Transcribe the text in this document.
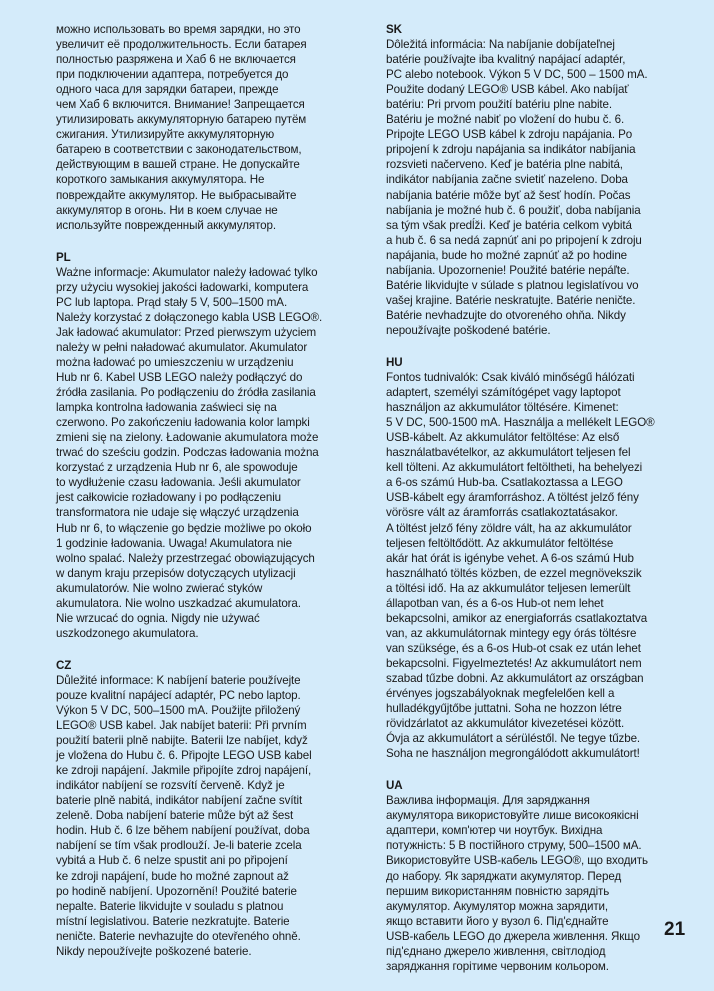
можно использовать во время зарядки, но это
увеличит её продолжительность. Если батарея
полностью разряжена и Хаб 6 не включается
при подключении адаптера, потребуется до
одного часа для зарядки батареи, прежде
чем Хаб 6 включится. Внимание! Запрещается
утилизировать аккумуляторную батарею путём
сжигания. Утилизируйте аккумуляторную
батарею в соответствии с законодательством,
действующим в вашей стране. Не допускайте
короткого замыкания аккумулятора. Не
повреждайте аккумулятор. Не выбрасывайте
аккумулятор в огонь. Ни в коем случае не
используйте поврежденный аккумулятор.
PL
Ważne informacje: Akumulator należy ładować tylko
przy użyciu wysokiej jakości ładowarki, komputera
PC lub laptopa. Prąd stały 5 V, 500–1500 mA.
Należy korzystać z dołączonego kabla USB LEGO®.
Jak ładować akumulator: Przed pierwszym użyciem
należy w pełni naładować akumulator. Akumulator
można ładować po umieszczeniu w urządzeniu
Hub nr 6. Kabel USB LEGO należy podłączyć do
źródła zasilania. Po podłączeniu do źródła zasilania
lampka kontrolna ładowania zaświeci się na
czerwono. Po zakończeniu ładowania kolor lampki
zmieni się na zielony. Ładowanie akumulatora może
trwać do sześciu godzin. Podczas ładowania można
korzystać z urządzenia Hub nr 6, ale spowoduje
to wydłużenie czasu ładowania. Jeśli akumulator
jest całkowicie rozładowany i po podłączeniu
transformatora nie udaje się włączyć urządzenia
Hub nr 6, to włączenie go będzie możliwe po około
1 godzinie ładowania. Uwaga! Akumulatora nie
wolno spalać. Należy przestrzegać obowiązujących
w danym kraju przepisów dotyczących utylizacji
akumulatorów. Nie wolno zwierać styków
akumulatora. Nie wolno uszkadzać akumulatora.
Nie wrzucać do ognia. Nigdy nie używać
uszkodzonego akumulatora.
CZ
Důležité informace: K nabíjení baterie používejte
pouze kvalitní napájecí adaptér, PC nebo laptop.
Výkon 5 V DC, 500–1500 mA. Použijte přiložený
LEGO® USB kabel. Jak nabíjet baterii: Při prvním
použití baterii plně nabijte. Baterii lze nabíjet, když
je vložena do Hubu č. 6. Připojte LEGO USB kabel
ke zdroji napájení. Jakmile připojíte zdroj napájení,
indikátor nabíjení se rozsvítí červeně. Když je
baterie plně nabitá, indikátor nabíjení začne svítit
zeleně. Doba nabíjení baterie může být až šest
hodin. Hub č. 6 lze během nabíjení používat, doba
nabíjení se tím však prodlouží. Je-li baterie zcela
vybitá a Hub č. 6 nelze spustit ani po připojení
ke zdroji napájení, bude ho možné zapnout až
po hodině nabíjení. Upozornění! Použité baterie
nepalte. Baterie likvidujte v souladu s platnou
místní legislativou. Baterie nezkratujte. Baterie
neničte. Baterie nevhazujte do otevřeného ohně.
Nikdy nepoužívejte poškozené baterie.
SK
Dôležitá informácia: Na nabíjanie dobíjateľnej
batérie používajte iba kvalitný napájací adaptér,
PC alebo notebook. Výkon 5 V DC, 500 – 1500 mA.
Použite dodaný LEGO® USB kábel. Ako nabíjať
batériu: Pri prvom použití batériu plne nabite.
Batériu je možné nabiť po vložení do hubu č. 6.
Pripojte LEGO USB kábel k zdroju napájania. Po
pripojení k zdroju napájania sa indikátor nabíjania
rozsvieti načerveno. Keď je batéria plne nabitá,
indikátor nabíjania začne svietiť nazeleno. Doba
nabíjania batérie môže byť až šesť hodín. Počas
nabíjania je možné hub č. 6 použiť, doba nabíjania
sa tým však predĺži. Keď je batéria celkom vybitá
a hub č. 6 sa nedá zapnúť ani po pripojení k zdroju
napájania, bude ho možné zapnúť až po hodine
nabíjania. Upozornenie! Použité batérie nepáľte.
Batérie likvidujte v súlade s platnou legislatívou vo
vašej krajine. Batérie neskratujte. Batérie neničte.
Batérie nevhadzujte do otvoreného ohňa. Nikdy
nepoužívajte poškodené batérie.
HU
Fontos tudnivalók: Csak kiváló minőségű hálózati
adaptert, személyi számítógépet vagy laptopot
használjon az akkumulátor töltésére. Kimenet:
5 V DC, 500-1500 mA. Használja a mellékelt LEGO®
USB-kábelt. Az akkumulátor feltöltése: Az első
használatbavételkor, az akkumulátort teljesen fel
kell tölteni. Az akkumulátort feltöltheti, ha behelyezi
a 6-os számú Hub-ba. Csatlakoztassa a LEGO
USB-kábelt egy áramforráshoz. A töltést jelző fény
vörösre vált az áramforrás csatlakoztatásakor.
A töltést jelző fény zöldre vált, ha az akkumulátor
teljesen feltöltődött. Az akkumulátor feltöltése
akár hat órát is igénybe vehet. A 6-os számú Hub
használható töltés közben, de ezzel megnövekszik
a töltési idő. Ha az akkumulátor teljesen lemerült
állapotban van, és a 6-os Hub-ot nem lehet
bekapcsolni, amikor az energiaforrás csatlakoztatva
van, az akkumulátornak mintegy egy órás töltésre
van szüksége, és a 6-os Hub-ot csak ez után lehet
bekapcsolni. Figyelmeztetés! Az akkumulátort nem
szabad tűzbe dobni. Az akkumulátort az országban
érvényes jogszabályoknak megfelelően kell a
hulladékgyűjtőbe juttatni. Soha ne hozzon létre
rövidzárlatot az akkumulátor kivezetései között.
Óvja az akkumulátort a sérüléstől. Ne tegye tűzbe.
Soha ne használjon megrongálódott akkumulátort!
UA
Важлива інформація. Для заряджання
акумулятора використовуйте лише високоякісні
адаптери, комп'ютер чи ноутбук. Вихідна
потужність: 5 В постійного струму, 500–1500 мА.
Використовуйте USB-кабель LEGO®, що входить
до набору. Як заряджати акумулятор. Перед
першим використанням повністю зарядіть
акумулятор. Акумулятор можна зарядити,
якщо вставити його у вузол 6. Під'єднайте
USB-кабель LEGO до джерела живлення. Якщо
під'єднано джерело живлення, світлодіод
заряджання горітиме червоним кольором.
21
